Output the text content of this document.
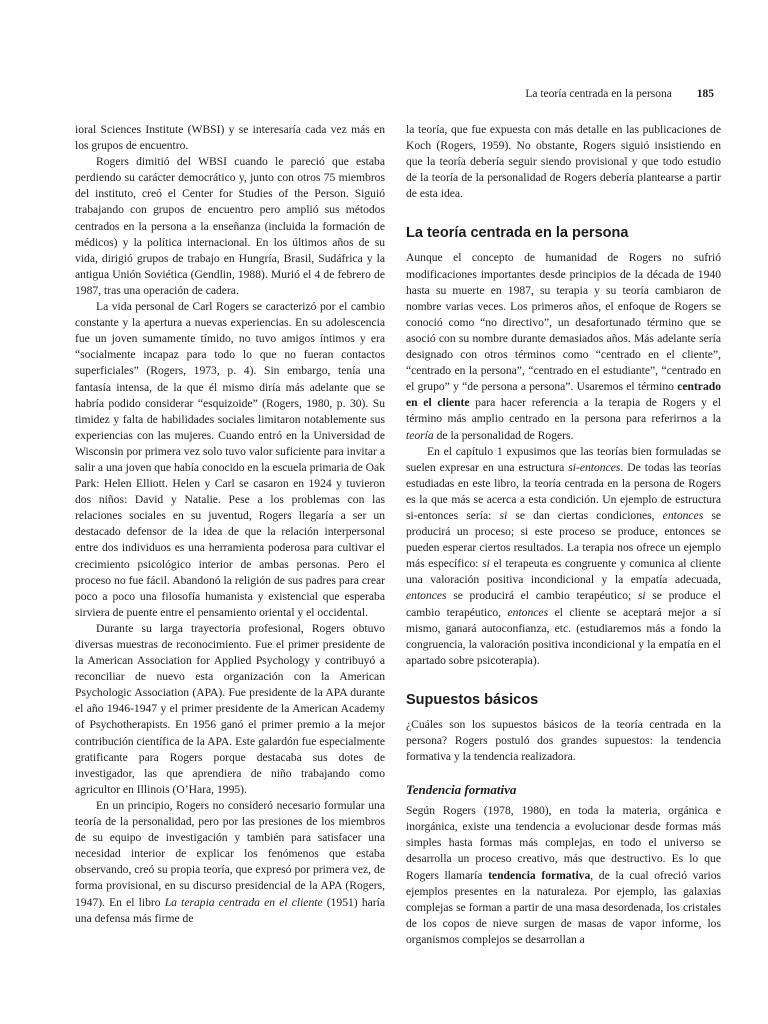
La teoría centrada en la persona 185

ioral Sciences Institute (WBSI) y se interesaría cada vez más en los grupos de encuentro.

Rogers dimitió del WBSI cuando le pareció que estaba perdiendo su carácter democrático y, junto con otros 75 miembros del instituto, creó el Center for Studies of the Person. Siguió trabajando con grupos de encuentro pero amplió sus métodos centrados en la persona a la enseñanza (incluida la formación de médicos) y la política internacional. En los últimos años de su vida, dirigió grupos de trabajo en Hungría, Brasil, Sudáfrica y la antigua Unión Soviética (Gendlin, 1988). Murió el 4 de febrero de 1987, tras una operación de cadera.

La vida personal de Carl Rogers se caracterizó por el cambio constante y la apertura a nuevas experiencias. En su adolescencia fue un joven sumamente tímido, no tuvo amigos íntimos y era “socialmente incapaz para todo lo que no fueran contactos superficiales” (Rogers, 1973, p. 4). Sin embargo, tenía una fantasía intensa, de la que él mismo diría más adelante que se habría podido considerar “esquizoide” (Rogers, 1980, p. 30). Su timidez y falta de habilidades sociales limitaron notablemente sus experiencias con las mujeres. Cuando entró en la Universidad de Wisconsin por primera vez solo tuvo valor suficiente para invitar a salir a una joven que había conocido en la escuela primaria de Oak Park: Helen Elliott. Helen y Carl se casaron en 1924 y tuvieron dos niños: David y Natalie. Pese a los problemas con las relaciones sociales en su juventud, Rogers llegaría a ser un destacado defensor de la idea de que la relación interpersonal entre dos individuos es una herramienta poderosa para cultivar el crecimiento psicológico interior de ambas personas. Pero el proceso no fue fácil. Abandonó la religión de sus padres para crear poco a poco una filosofía humanista y existencial que esperaba sirviera de puente entre el pensamiento oriental y el occidental.

Durante su larga trayectoria profesional, Rogers obtuvo diversas muestras de reconocimiento. Fue el primer presidente de la American Association for Applied Psychology y contribuyó a reconciliar de nuevo esta organización con la American Psychologic Association (APA). Fue presidente de la APA durante el año 1946-1947 y el primer presidente de la American Academy of Psychotherapists. En 1956 ganó el primer premio a la mejor contribución científica de la APA. Este galardón fue especialmente gratificante para Rogers porque destacaba sus dotes de investigador, las que aprendiera de niño trabajando como agricultor en Illinois (O’Hara, 1995).

En un principio, Rogers no consideró necesario formular una teoría de la personalidad, pero por las presiones de los miembros de su equipo de investigación y también para satisfacer una necesidad interior de explicar los fenómenos que estaba observando, creó su propia teoría, que expresó por primera vez, de forma provisional, en su discurso presidencial de la APA (Rogers, 1947). En el libro La terapia centrada en el cliente (1951) haría una defensa más firme de

la teoría, que fue expuesta con más detalle en las publicaciones de Koch (Rogers, 1959). No obstante, Rogers siguió insistiendo en que la teoría debería seguir siendo provisional y que todo estudio de la teoría de la personalidad de Rogers debería plantearse a partir de esta idea.

La teoría centrada en la persona

Aunque el concepto de humanidad de Rogers no sufrió modificaciones importantes desde principios de la década de 1940 hasta su muerte en 1987, su terapia y su teoría cambiaron de nombre varias veces. Los primeros años, el enfoque de Rogers se conoció como “no directivo”, un desafortunado término que se asoció con su nombre durante demasiados años. Más adelante sería designado con otros términos como “centrado en el cliente”, “centrado en la persona”, “centrado en el estudiante”, “centrado en el grupo” y “de persona a persona”. Usaremos el término centrado en el cliente para hacer referencia a la terapia de Rogers y el término más amplio centrado en la persona para referirnos a la teoría de la personalidad de Rogers.

En el capítulo 1 expusimos que las teorías bien formuladas se suelen expresar en una estructura si-entonces. De todas las teorías estudiadas en este libro, la teoría centrada en la persona de Rogers es la que más se acerca a esta condición. Un ejemplo de estructura si-entonces sería: si se dan ciertas condiciones, entonces se producirá un proceso; si este proceso se produce, entonces se pueden esperar ciertos resultados. La terapia nos ofrece un ejemplo más específico: si el terapeuta es congruente y comunica al cliente una valoración positiva incondicional y la empatía adecuada, entonces se producirá el cambio terapéutico; si se produce el cambio terapéutico, entonces el cliente se aceptará mejor a sí mismo, ganará autoconfianza, etc. (estudiaremos más a fondo la congruencia, la valoración positiva incondicional y la empatía en el apartado sobre psicoterapia).

Supuestos básicos

¿Cuáles son los supuestos básicos de la teoría centrada en la persona? Rogers postuló dos grandes supuestos: la tendencia formativa y la tendencia realizadora.

Tendencia formativa

Según Rogers (1978, 1980), en toda la materia, orgánica e inorgánica, existe una tendencia a evolucionar desde formas más simples hasta formas más complejas, en todo el universo se desarrolla un proceso creativo, más que destructivo. Es lo que Rogers llamaría tendencia formativa, de la cual ofreció varios ejemplos presentes en la naturaleza. Por ejemplo, las galaxias complejas se forman a partir de una masa desordenada, los cristales de los copos de nieve surgen de masas de vapor informe, los organismos complejos se desarrollan a
